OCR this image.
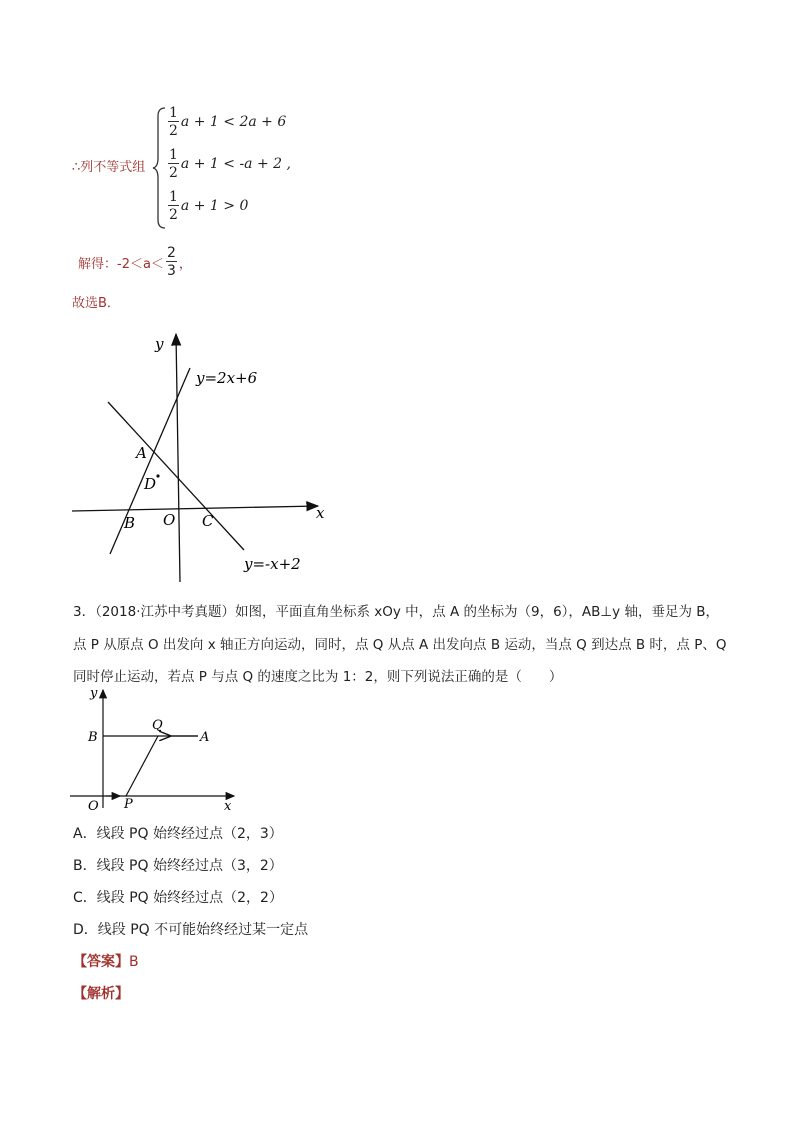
∴列不等式组
$\frac{1}{2}$ a + 1 < 2a + 6
$\frac{1}{2}$ a + 1 < -a + 2 ,
$\frac{1}{2}$ a + 1 > 0
解得：$-2<a< \frac{2}{3}$ ，
故选B．
y
x
y=2x+6
y=-x+2
A
D
B O C
3．（2018·江苏中考真题）如图，平面直角坐标系 xOy 中，点 A 的坐标为（9，6），AB⊥y 轴，垂足为 B，
点 P 从原点 O 出发向 x 轴正方向运动，同时，点 Q 从点 A 出发向点 B 运动，当点 Q 到达点 B 时，点 P、Q
同时停止运动，若点 P 与点 Q 的速度之比为 1：2，则下列说法正确的是（　　）
y
x
B
Q
A
O P
A．线段 PQ 始终经过点（2，3）
B．线段 PQ 始终经过点（3，2）
C．线段 PQ 始终经过点（2，2）
D．线段 PQ 不可能始终经过某一定点
【答案】B
【解析】
